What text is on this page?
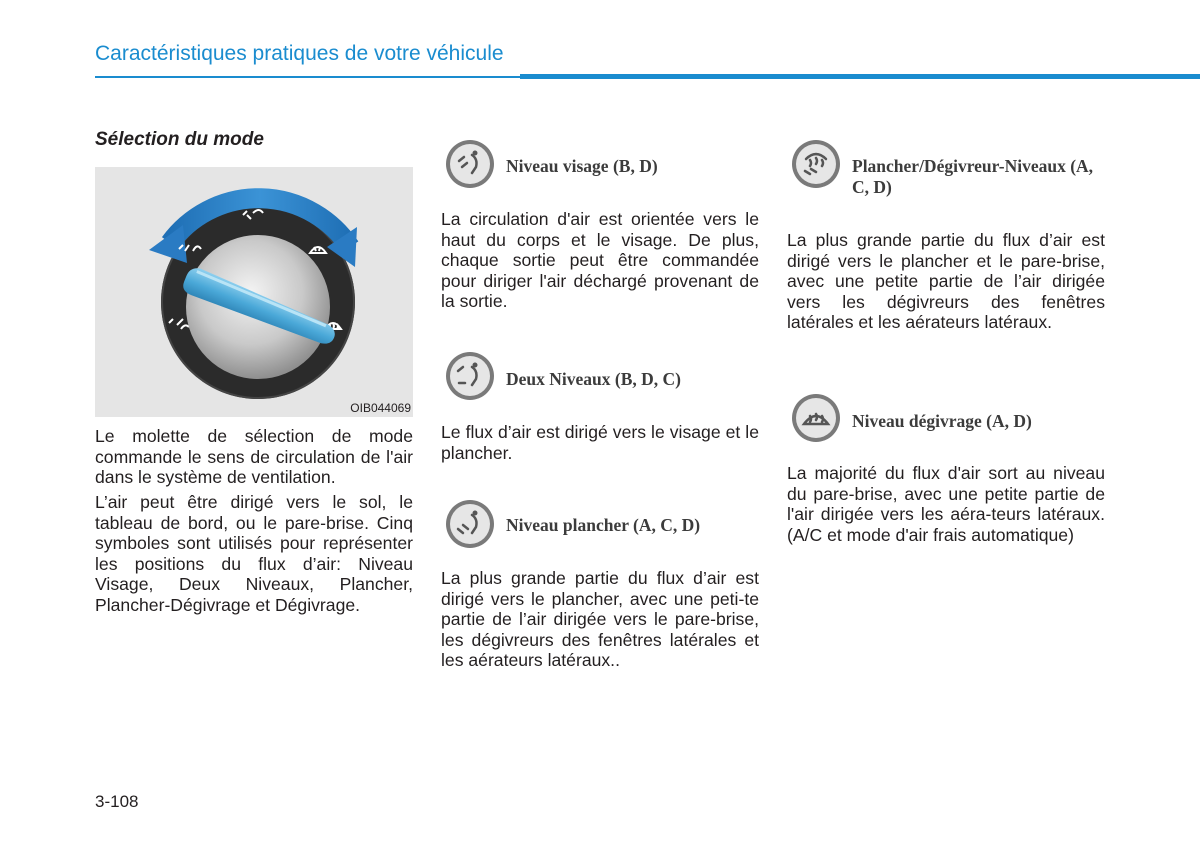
Caractéristiques pratiques de votre véhicule
Sélection du mode
OIB044069

Le molette de sélection de mode commande le sens de circulation de l'air dans le système de ventilation.

L’air peut être dirigé vers le sol, le tableau de bord, ou le pare-brise. Cinq symboles sont utilisés pour représenter les positions du flux d’air: Niveau Visage, Deux Niveaux, Plancher, Plancher-Dégivrage et Dégivrage.

Niveau visage (B, D)

La circulation d'air est orientée vers le haut du corps et le visage. De plus, chaque sortie peut être commandée pour diriger l'air déchargé provenant de la sortie.

Deux Niveaux (B, D, C)

Le flux d’air est dirigé vers le visage et le plancher.

Niveau plancher (A, C, D)

La plus grande partie du flux d’air est dirigé vers le plancher, avec une peti-te partie de l’air dirigée vers le pare-brise, les dégivreurs des fenêtres latérales et les aérateurs latéraux..

Plancher/Dégivreur-Niveaux (A, C, D)

La plus grande partie du flux d’air est dirigé vers le plancher et le pare-brise, avec une petite partie de l’air dirigée vers les dégivreurs des fenêtres latérales et les aérateurs latéraux.

Niveau dégivrage (A, D)

La majorité du flux d'air sort au niveau du pare-brise, avec une petite partie de l'air dirigée vers les aéra-teurs latéraux. (A/C et mode d'air frais automatique)

3-108
